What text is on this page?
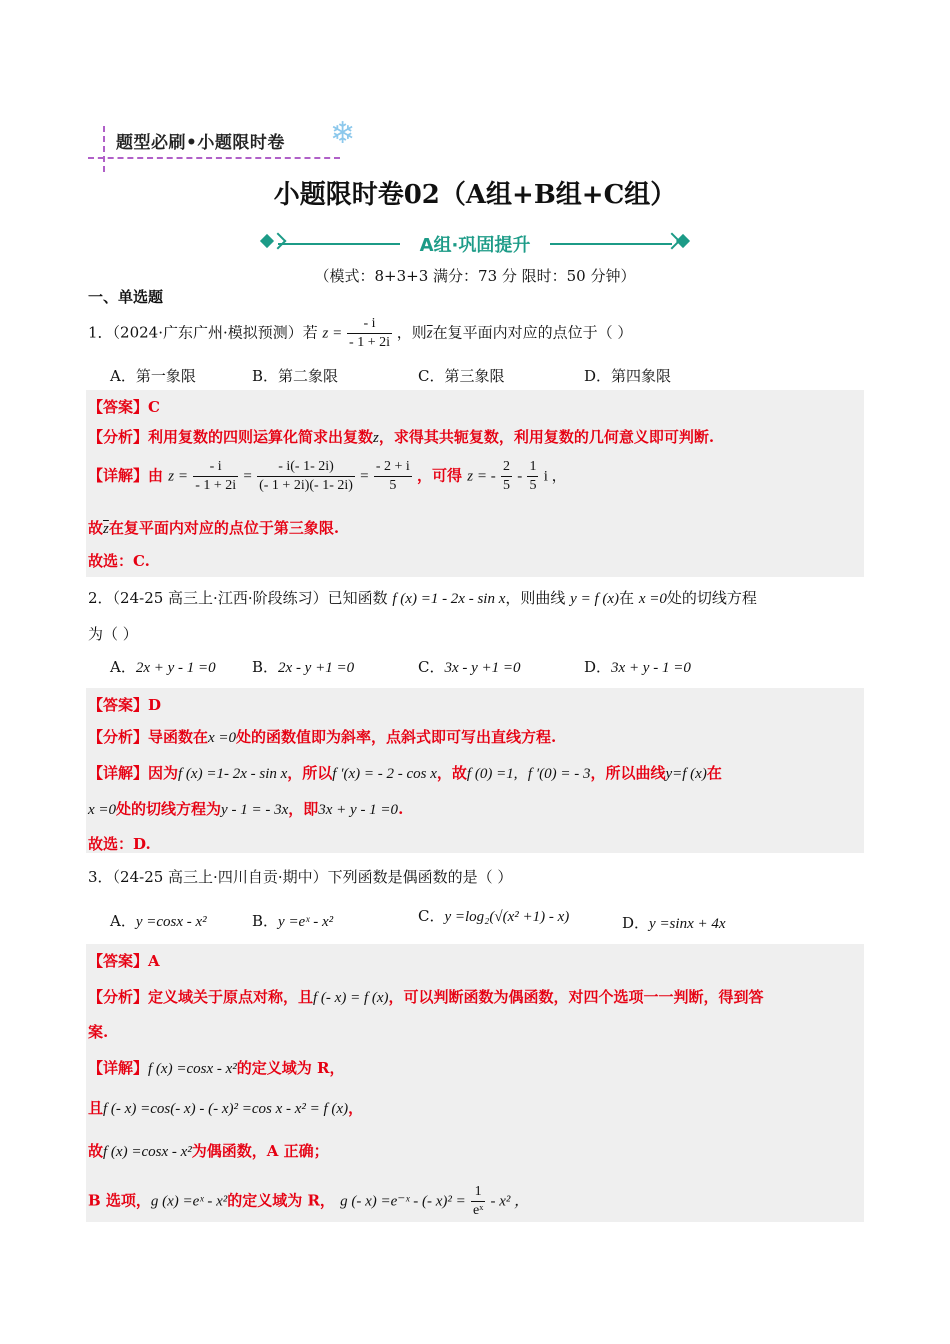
题型必刷•小题限时卷 ❄
小题限时卷02（A组+B组+C组）
A组·巩固提升
（模式：8+3+3 满分：73 分 限时：50 分钟）
一、单选题
1．（2024·广东广州·模拟预测）若 $z = \frac{- i}{- 1 + 2i}$ ，则$\overline{z}$在复平面内对应的点位于（ ）
A．第一象限	B．第二象限	C．第三象限	D．第四象限
【答案】C
【分析】利用复数的四则运算化简求出复数z，求得其共轭复数，利用复数的几何意义即可判断.
【详解】由 $z = \frac{- i}{- 1 + 2i} = \frac{- i(- 1- 2i)}{(- 1 + 2i)(- 1- 2i)} = \frac{- 2 + i}{5}$ ，可得 z = - $\frac{2}{5} - \frac{1}{5}$ i ，
故$\overline{z}$在复平面内对应的点位于第三象限.
故选：C.
2．（24-25 高三上·江西·阶段练习）已知函数 f (x) =1 - 2x - sin x，则曲线 y = f (x)在 x =0处的切线方程
为（ ）
A．2x + y - 1 =0 B．2x - y +1 =0	C．3x - y +1 =0	D．3x + y - 1 =0
【答案】D
【分析】导函数在x =0处的函数值即为斜率，点斜式即可写出直线方程.
【详解】因为f (x) =1- 2x - sin x，所以f ′(x) = - 2 - cos x，故f (0) =1, f ′(0) = - 3，所以曲线y=f (x)在
x =0处的切线方程为y - 1 = - 3x，即3x + y - 1 =0.
故选：D.
3．（24-25 高三上·四川自贡·期中）下列函数是偶函数的是（ ）
A．y =cosx - x²	B．y =eˣ - x²	C．y =log₂(√(x² +1) - x)	D．y =sinx + 4x
【答案】A
【分析】定义域关于原点对称，且f (- x) = f (x)，可以判断函数为偶函数，对四个选项一一判断，得到答
案.
【详解】f (x) =cosx - x²的定义域为 R，
且f (- x) =cos(- x) - (- x)² =cos x - x² = f (x)，
故f (x) =cosx - x²为偶函数，A 正确；
B 选项，g (x) =eˣ - x²的定义域为 R， g (- x) =e⁻ˣ - (- $x)^2 = \frac{1}{\text{eˣ}} - x^2$ ，
